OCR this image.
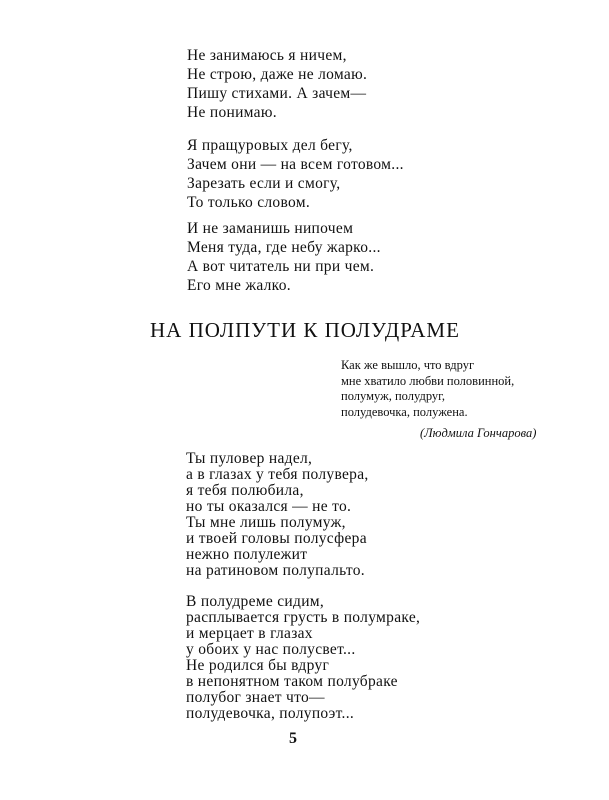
Не занимаюсь я ничем,
Не строю, даже не ломаю.
Пишу стихами. А зачем—
Не понимаю.
Я пращуровых дел бегу,
Зачем они — на всем готовом...
Зарезать если и смогу,
То только словом.
И не заманишь нипочем
Меня туда, где небу жарко...
А вот читатель ни при чем.
Его мне жалко.
НА ПОЛПУТИ К ПОЛУДРАМЕ
Как же вышло, что вдруг
мне хватило любви половинной,
полумуж, полудруг,
полудевочка, полужена.
(Людмила Гончарова)
Ты пуловер надел,
а в глазах у тебя полувера,
я тебя полюбила,
но ты оказался — не то.
Ты мне лишь полумуж,
и твоей головы полусфера
нежно полулежит
на ратиновом полупальто.
В полудреме сидим,
расплывается грусть в полумраке,
и мерцает в глазах
у обоих у нас полусвет...
Не родился бы вдруг
в непонятном таком полубраке
полубог знает что—
полудевочка, полупоэт...
5
